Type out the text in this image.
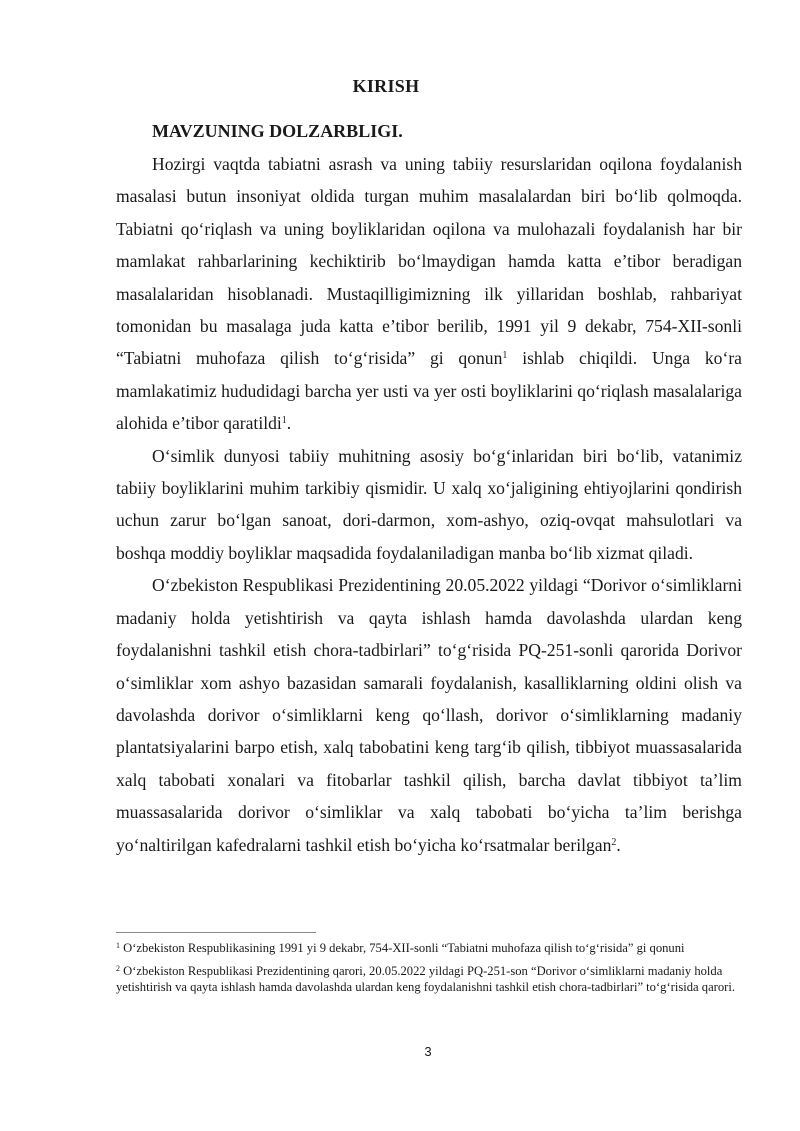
KIRISH
MAVZUNING DOLZARBLIGI.

Hozirgi vaqtda tabiatni asrash va uning tabiiy resurslaridan oqilona foydalanish masalasi butun insoniyat oldida turgan muhim masalalardan biri bo‘lib qolmoqda. Tabiatni qo‘riqlash va uning boyliklaridan oqilona va mulohazali foydalanish har bir mamlakat rahbarlarining kechiktirib bo‘lmaydigan hamda katta e’tibor beradigan masalalaridan hisoblanadi. Mustaqilligimizning ilk yillaridan boshlab, rahbariyat tomonidan bu masalaga juda katta e’tibor berilib, 1991 yil 9 dekabr, 754-XII-sonli “Tabiatni muhofaza qilish to‘g‘risida” gi qonun$^1$ ishlab chiqildi. Unga ko‘ra mamlakatimiz hududidagi barcha yer usti va yer osti boyliklarini qo‘riqlash masalalariga alohida e’tibor qaratildi$^1$.

O‘simlik dunyosi tabiiy muhitning asosiy bo‘g‘inlaridan biri bo‘lib, vatanimiz tabiiy boyliklarini muhim tarkibiy qismidir. U xalq xo‘jaligining ehtiyojlarini qondirish uchun zarur bo‘lgan sanoat, dori-darmon, xom-ashyo, oziq-ovqat mahsulotlari va boshqa moddiy boyliklar maqsadida foydalaniladigan manba bo‘lib xizmat qiladi.

O‘zbekiston Respublikasi Prezidentining 20.05.2022 yildagi “Dorivor o‘simliklarni madaniy holda yetishtirish va qayta ishlash hamda davolashda ulardan keng foydalanishni tashkil etish chora-tadbirlari” to‘g‘risida PQ-251-sonli qarorida Dorivor o‘simliklar xom ashyo bazasidan samarali foydalanish, kasalliklarning oldini olish va davolashda dorivor o‘simliklarni keng qo‘llash, dorivor o‘simliklarning madaniy plantatsiyalarini barpo etish, xalq tabobatini keng targ‘ib qilish, tibbiyot muassasalarida xalq tabobati xonalari va fitobarlar tashkil qilish, barcha davlat tibbiyot ta’lim muassasalarida dorivor o‘simliklar va xalq tabobati bo‘yicha ta’lim berishga yo‘naltirilgan kafedralarni tashkil etish bo‘yicha ko‘rsatmalar berilgan$^2$.

$^1$ O‘zbekiston Respublikasining 1991 yi 9 dekabr, 754-XII-sonli “Tabiatni muhofaza qilish to‘g‘risida” gi qonuni

$^2$ O‘zbekiston Respublikasi Prezidentining qarori, 20.05.2022 yildagi PQ-251-son “Dorivor o‘simliklarni madaniy holda yetishtirish va qayta ishlash hamda davolashda ulardan keng foydalanishni tashkil etish chora-tadbirlari” to‘g‘risida qarori.

3
